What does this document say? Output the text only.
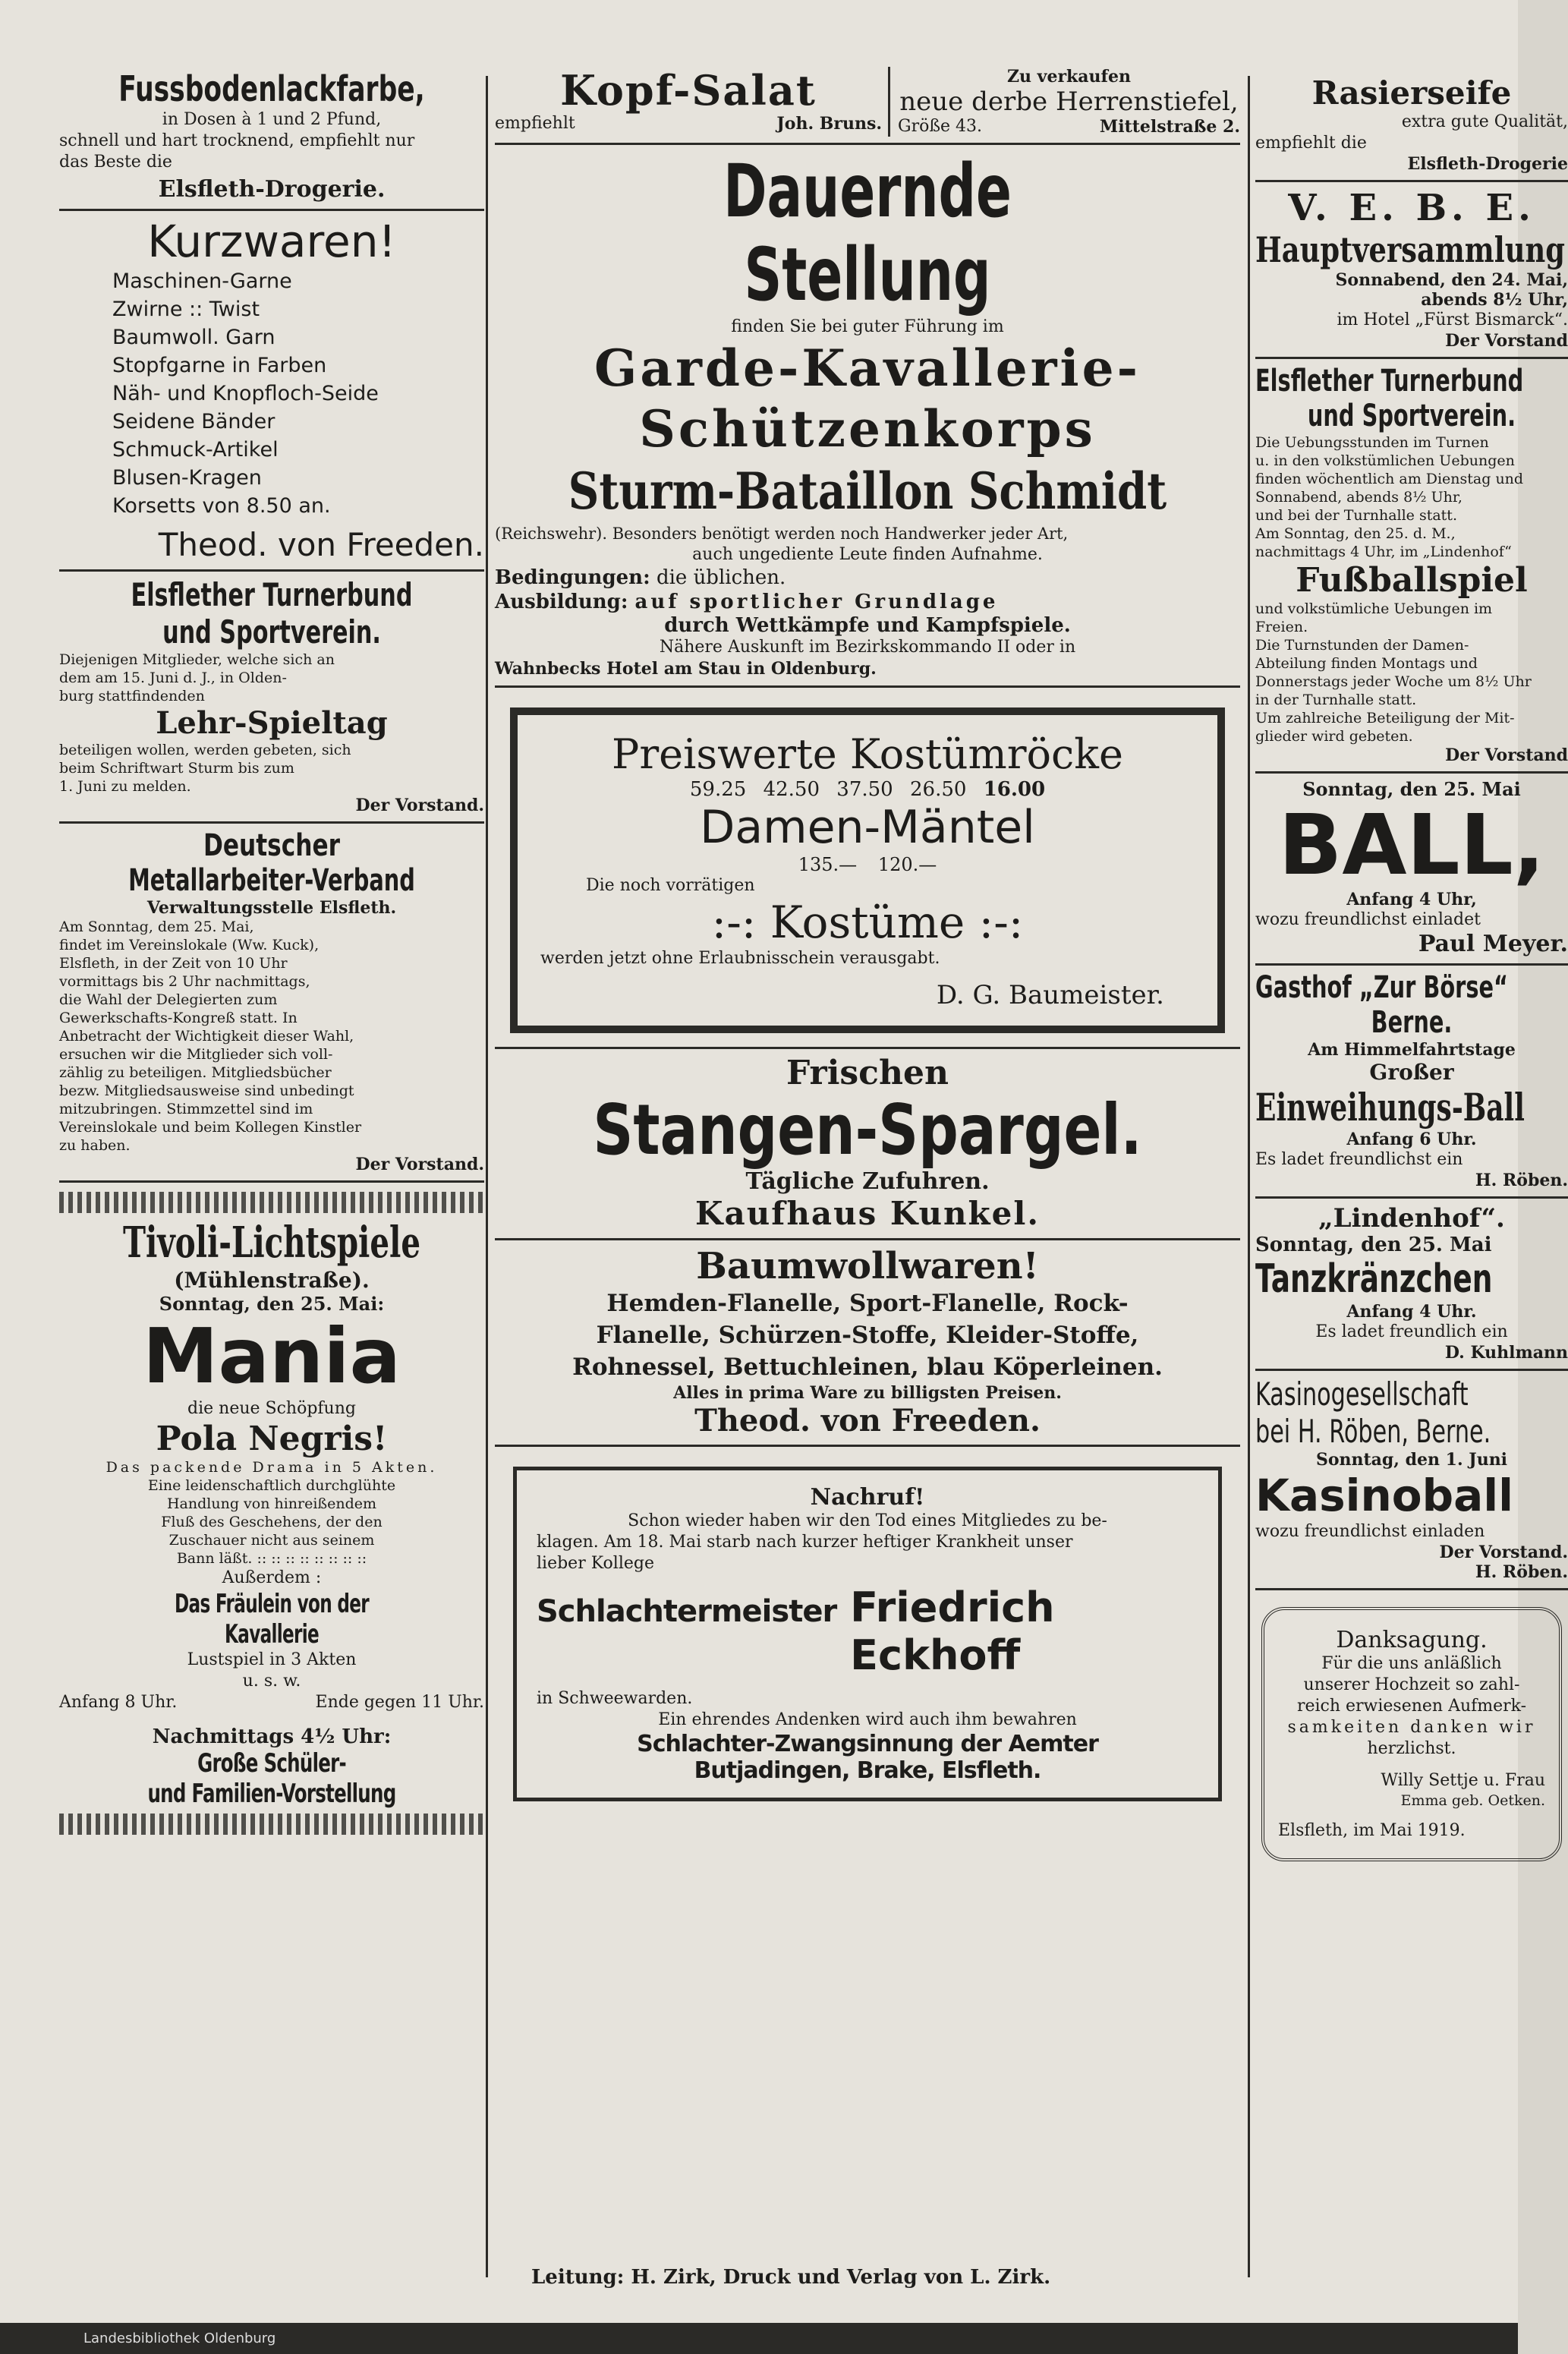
Fussbodenlackfarbe,
in Dosen à 1 und 2 Pfund,
schnell und hart trocknend, empfiehlt nur
das Beste die
Elsfleth-Drogerie.
Kurzwaren!
Maschinen-Garne
Zwirne :: Twist
Baumwoll. Garn
Stopfgarne in Farben
Näh- und Knopfloch-Seide
Seidene Bänder
Schmuck-Artikel
Blusen-Kragen
Korsetts von 8.50 an.
Theod. von Freeden.
Elsflether Turnerbund
und Sportverein.
Diejenigen Mitglieder, welche sich an
dem am 15. Juni d. J., in Olden-
burg stattfindenden
Lehr-Spieltag
beteiligen wollen, werden gebeten, sich
beim Schriftwart Sturm bis zum
1. Juni zu melden.
Der Vorstand.
Deutscher
Metallarbeiter-Verband
Verwaltungsstelle Elsfleth.
Am Sonntag, dem 25. Mai,
findet im Vereinslokale (Ww. Kuck),
Elsfleth, in der Zeit von 10 Uhr
vormittags bis 2 Uhr nachmittags,
die Wahl der Delegierten zum
Gewerkschafts-Kongreß statt. In
Anbetracht der Wichtigkeit dieser Wahl,
ersuchen wir die Mitglieder sich voll-
zählig zu beteiligen. Mitgliedsbücher
bezw. Mitgliedsausweise sind unbedingt
mitzubringen. Stimmzettel sind im
Vereinslokale und beim Kollegen Kinstler
zu haben.
Der Vorstand.
Tivoli-Lichtspiele
(Mühlenstraße).
Sonntag, den 25. Mai:
Mania
die neue Schöpfung
Pola Negris!
Das packende Drama in 5 Akten.
Eine leidenschaftlich durchglühte
Handlung von hinreißendem
Fluß des Geschehens, der den
Zuschauer nicht aus seinem
Bann läßt. :: :: :: :: :: :: :: ::
Außerdem :
Das Fräulein von der Kavallerie
Lustspiel in 3 Akten
u. s. w.
Anfang 8 Uhr.	Ende gegen 11 Uhr.
Nachmittags 4½ Uhr:
Große Schüler-
und Familien-Vorstellung
Kopf-Salat
empfiehlt	Joh. Bruns.
Zu verkaufen
neue derbe Herrenstiefel,
Größe 43.	Mittelstraße 2.
Dauernde Stellung
finden Sie bei guter Führung im
Garde-Kavallerie-
Schützenkorps
Sturm-Bataillon Schmidt
(Reichswehr). Besonders benötigt werden noch Handwerker jeder Art,
auch ungediente Leute finden Aufnahme.
Bedingungen: die üblichen.
Ausbildung: auf sportlicher Grundlage
durch Wettkämpfe und Kampfspiele.
Nähere Auskunft im Bezirkskommando II oder in
Wahnbecks Hotel am Stau in Oldenburg.
Preiswerte Kostümröcke
59.25 42.50 37.50 26.50 16.00
Damen-Mäntel
135.— 120.—
Die noch vorrätigen
:-: Kostüme :-:
werden jetzt ohne Erlaubnisschein verausgabt.
D. G. Baumeister.
Frischen
Stangen-Spargel.
Tägliche Zufuhren.
Kaufhaus Kunkel.
Baumwollwaren!
Hemden-Flanelle, Sport-Flanelle, Rock-
Flanelle, Schürzen-Stoffe, Kleider-Stoffe,
Rohnessel, Bettuchleinen, blau Köperleinen.
Alles in prima Ware zu billigsten Preisen.
Theod. von Freeden.
Nachruf!
Schon wieder haben wir den Tod eines Mitgliedes zu be-
klagen. Am 18. Mai starb nach kurzer heftiger Krankheit unser
lieber Kollege
Schlachtermeister Friedrich Eckhoff
in Schweewarden.
Ein ehrendes Andenken wird auch ihm bewahren
Schlachter-Zwangsinnung der Aemter
Butjadingen, Brake, Elsfleth.
Rasierseife
extra gute Qualität,
empfiehlt die
Elsfleth-Drogerie
V. E. B. E.
Hauptversammlung
Sonnabend, den 24. Mai,
abends 8½ Uhr,
im Hotel „Fürst Bismarck“.
Der Vorstand
Elsflether Turnerbund
und Sportverein.
Die Uebungsstunden im Turnen
u. in den volkstümlichen Uebungen
finden wöchentlich am Dienstag und
Sonnabend, abends 8½ Uhr,
und bei der Turnhalle statt.
Am Sonntag, den 25. d. M.,
nachmittags 4 Uhr, im „Lindenhof“
Fußballspiel
und volkstümliche Uebungen im
Freien.
Die Turnstunden der Damen-
Abteilung finden Montags und
Donnerstags jeder Woche um 8½ Uhr
in der Turnhalle statt.
Um zahlreiche Beteiligung der Mit-
glieder wird gebeten.
Der Vorstand
Sonntag, den 25. Mai
BALL,
Anfang 4 Uhr,
wozu freundlichst einladet
Paul Meyer.
Gasthof „Zur Börse“
Berne.
Am Himmelfahrtstage
Großer
Einweihungs-Ball
Anfang 6 Uhr.
Es ladet freundlichst ein
H. Röben.
„Lindenhof“.
Sonntag, den 25. Mai
Tanzkränzchen
Anfang 4 Uhr.
Es ladet freundlich ein
D. Kuhlmann
Kasinogesellschaft
bei H. Röben, Berne.
Sonntag, den 1. Juni
Kasinoball
wozu freundlichst einladen
Der Vorstand.
H. Röben.
Danksagung.
Für die uns anläßlich
unserer Hochzeit so zahl-
reich erwiesenen Aufmerk-
samkeiten danken wir
herzlichst.
Willy Settje u. Frau
Emma geb. Oetken.
Elsfleth, im Mai 1919.
Leitung: H. Zirk, Druck und Verlag von L. Zirk.
Landesbibliothek Oldenburg
